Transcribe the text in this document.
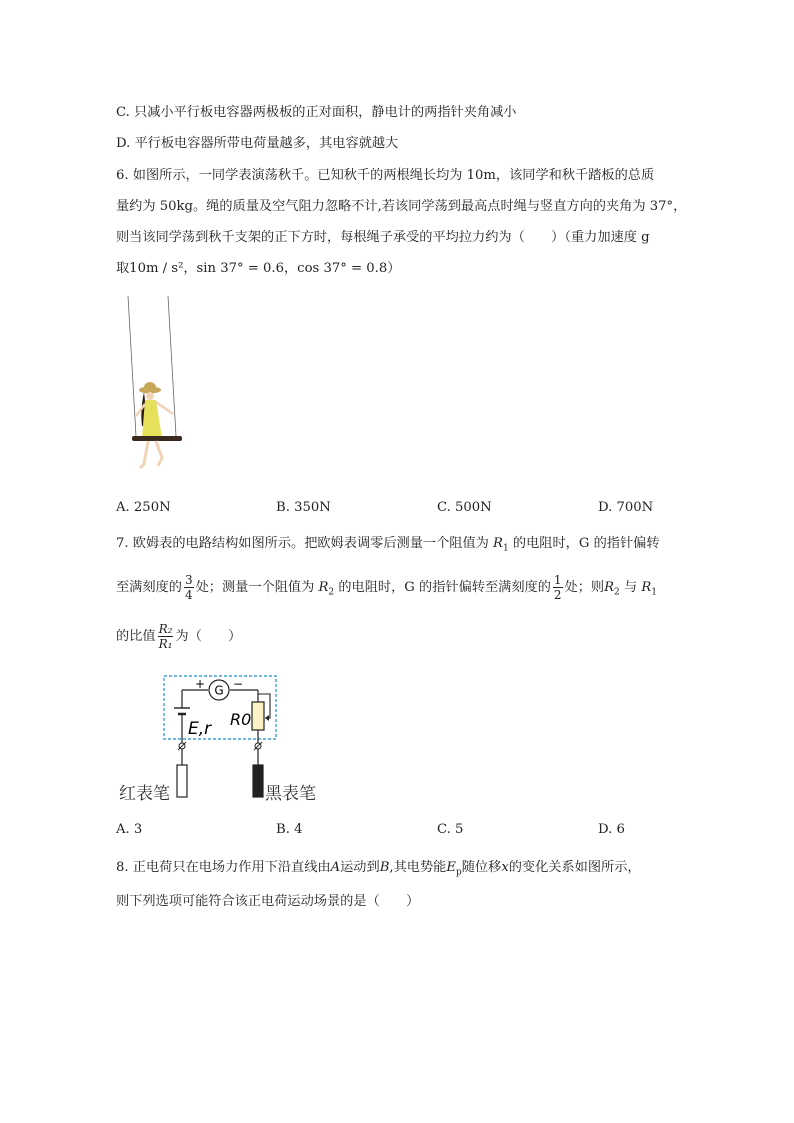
C. 只减小平行板电容器两极板的正对面积，静电计的两指针夹角减小
D. 平行板电容器所带电荷量越多，其电容就越大
6. 如图所示，一同学表演荡秋千。已知秋千的两根绳长均为 10m，该同学和秋千踏板的总质
量约为 50kg。绳的质量及空气阻力忽略不计,若该同学荡到最高点时绳与竖直方向的夹角为 37°，
则当该同学荡到秋千支架的正下方时，每根绳子承受的平均拉力约为（　　）（重力加速度 g
取10m / s²，sin 37° = 0.6，cos 37° = 0.8）
A. 250N	B. 350N	C. 500N	D. 700N
7. 欧姆表的电路结构如图所示。把欧姆表调零后测量一个阻值为 $R_1$ 的电阻时，G 的指针偏转
至满刻度的 $\frac{3}{4}$ 处；测量一个阻值为 $R_2$ 的电阻时，G 的指针偏转至满刻度的 $\frac{1}{2}$ 处；则$R_2$ 与 $R_1$
的比值 $\frac{\text{R₂}}{\text{R₁}}$ 为（　　）
G
+ −
E,r R0
红表笔	黑表笔
A. 3	B. 4	C. 5	D. 6
8. 正电荷只在电场力作用下沿直线由A运动到B,其电势能$E_p$随位移x的变化关系如图所示，
则下列选项可能符合该正电荷运动场景的是（　　）
